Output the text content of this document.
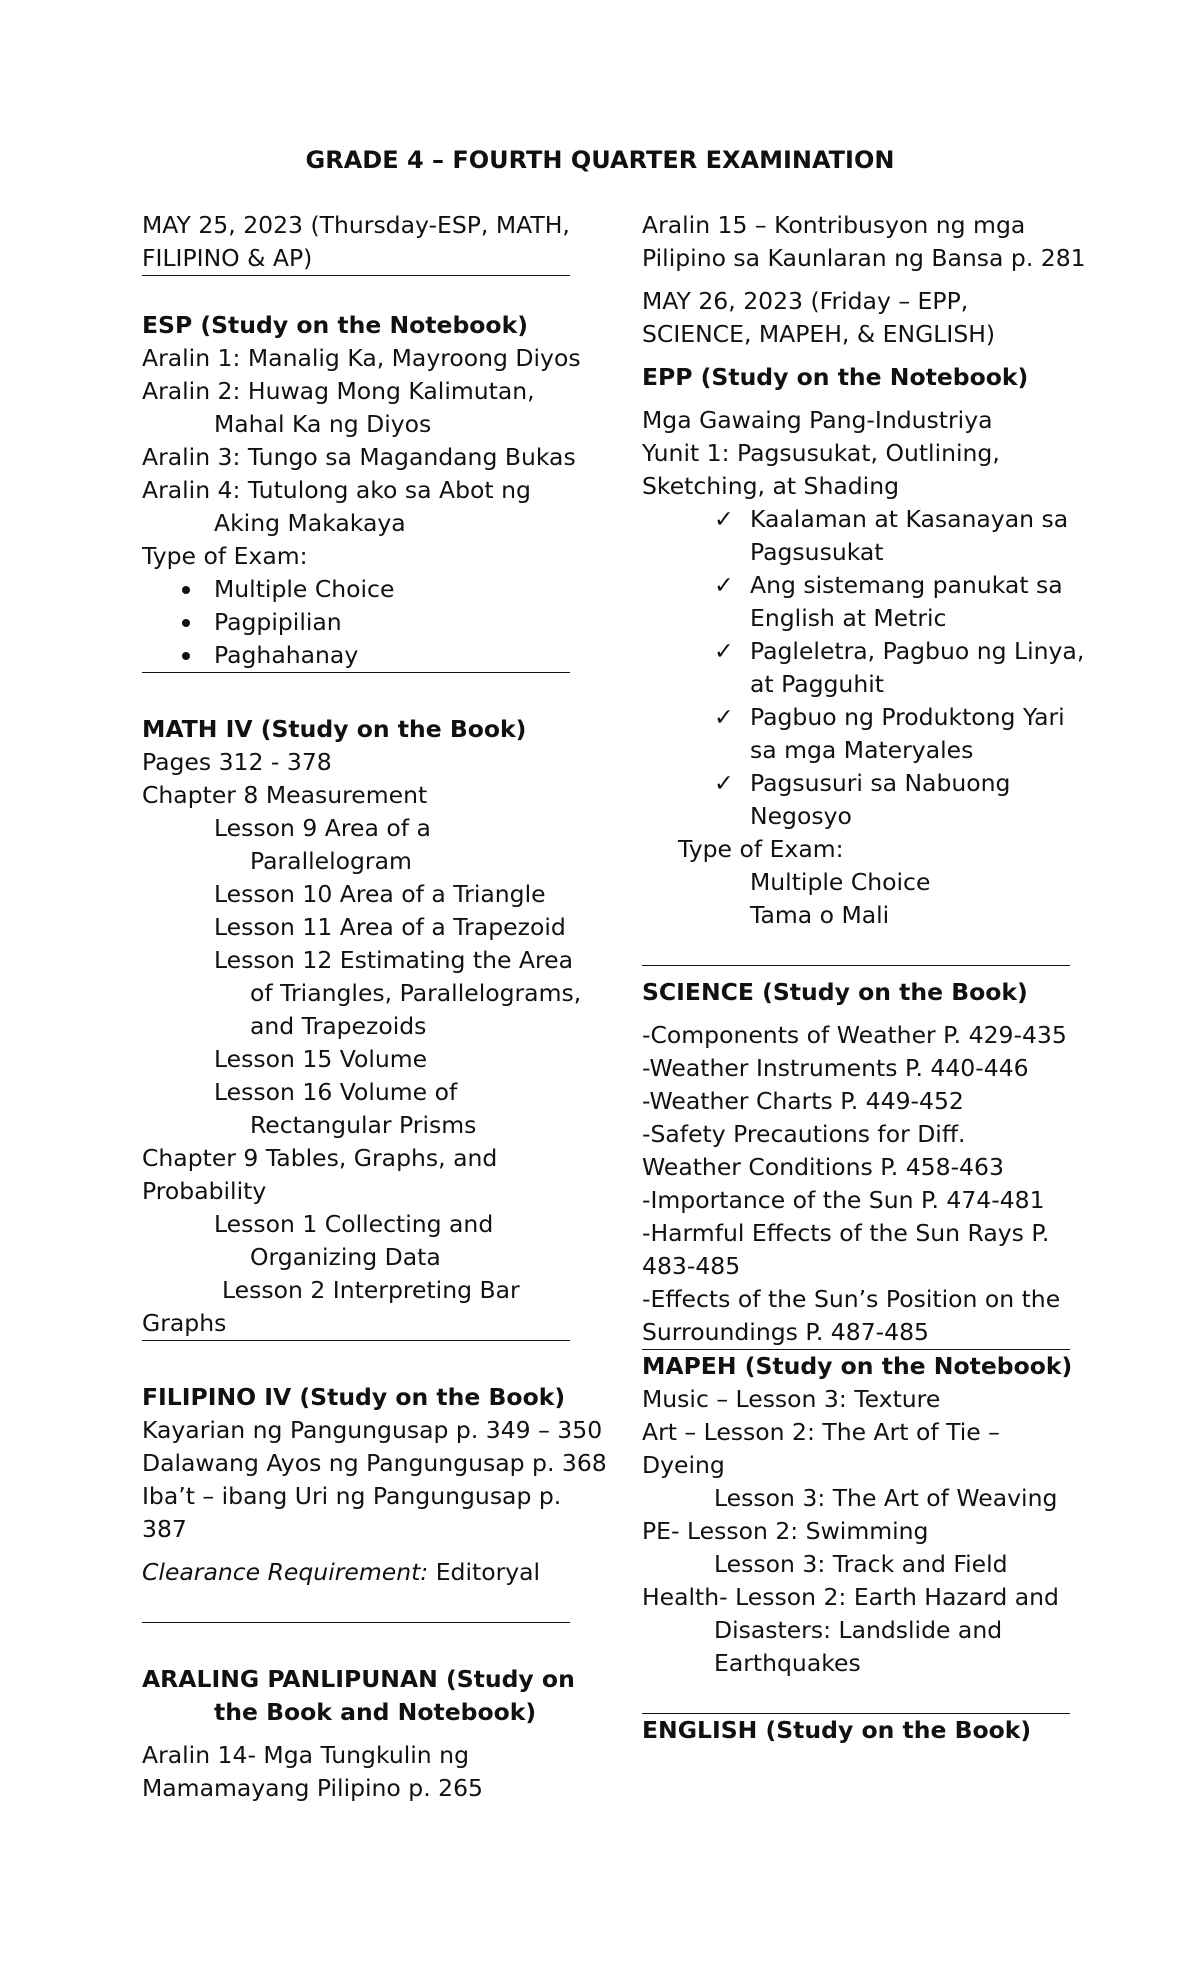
GRADE 4 – FOURTH QUARTER EXAMINATION

MAY 25, 2023 (Thursday-ESP, MATH,

FILIPINO & AP)

ESP (Study on the Notebook)

Aralin 1: Manalig Ka, Mayroong Diyos

Aralin 2: Huwag Mong Kalimutan,

Mahal Ka ng Diyos

Aralin 3: Tungo sa Magandang Bukas

Aralin 4: Tutulong ako sa Abot ng

Aking Makakaya

Type of Exam:

Multiple Choice

Pagpipilian

Paghahanay

MATH IV (Study on the Book)

Pages 312 - 378

Chapter 8 Measurement

Lesson 9 Area of a

Parallelogram

Lesson 10 Area of a Triangle

Lesson 11 Area of a Trapezoid

Lesson 12 Estimating the Area

of Triangles, Parallelograms,

and Trapezoids

Lesson 15 Volume

Lesson 16 Volume of

Rectangular Prisms

Chapter 9 Tables, Graphs, and

Probability

Lesson 1 Collecting and

Organizing Data

Lesson 2 Interpreting Bar

Graphs

FILIPINO IV (Study on the Book)

Kayarian ng Pangungusap p. 349 – 350

Dalawang Ayos ng Pangungusap p. 368

Iba’t – ibang Uri ng Pangungusap p.

387

Clearance Requirement: Editoryal

ARALING PANLIPUNAN (Study on

the Book and Notebook)

Aralin 14- Mga Tungkulin ng

Mamamayang Pilipino p. 265

Aralin 15 – Kontribusyon ng mga

Pilipino sa Kaunlaran ng Bansa p. 281

MAY 26, 2023 (Friday – EPP,

SCIENCE, MAPEH, & ENGLISH)

EPP (Study on the Notebook)

Mga Gawaing Pang-Industriya

Yunit 1: Pagsusukat, Outlining,

Sketching, at Shading

✓ Kaalaman at Kasanayan sa

Pagsusukat

✓ Ang sistemang panukat sa

English at Metric

✓ Pagleletra, Pagbuo ng Linya,

at Pagguhit

✓ Pagbuo ng Produktong Yari

sa mga Materyales

✓ Pagsusuri sa Nabuong

Negosyo

Type of Exam:

Multiple Choice

Tama o Mali

SCIENCE (Study on the Book)

-Components of Weather P. 429-435

-Weather Instruments P. 440-446

-Weather Charts P. 449-452

-Safety Precautions for Diff.

Weather Conditions P. 458-463

-Importance of the Sun P. 474-481

-Harmful Effects of the Sun Rays P.

483-485

-Effects of the Sun’s Position on the

Surroundings P. 487-485

MAPEH (Study on the Notebook)

Music – Lesson 3: Texture

Art – Lesson 2: The Art of Tie –

Dyeing

Lesson 3: The Art of Weaving

PE- Lesson 2: Swimming

Lesson 3: Track and Field

Health- Lesson 2: Earth Hazard and

Disasters: Landslide and

Earthquakes

ENGLISH (Study on the Book)
